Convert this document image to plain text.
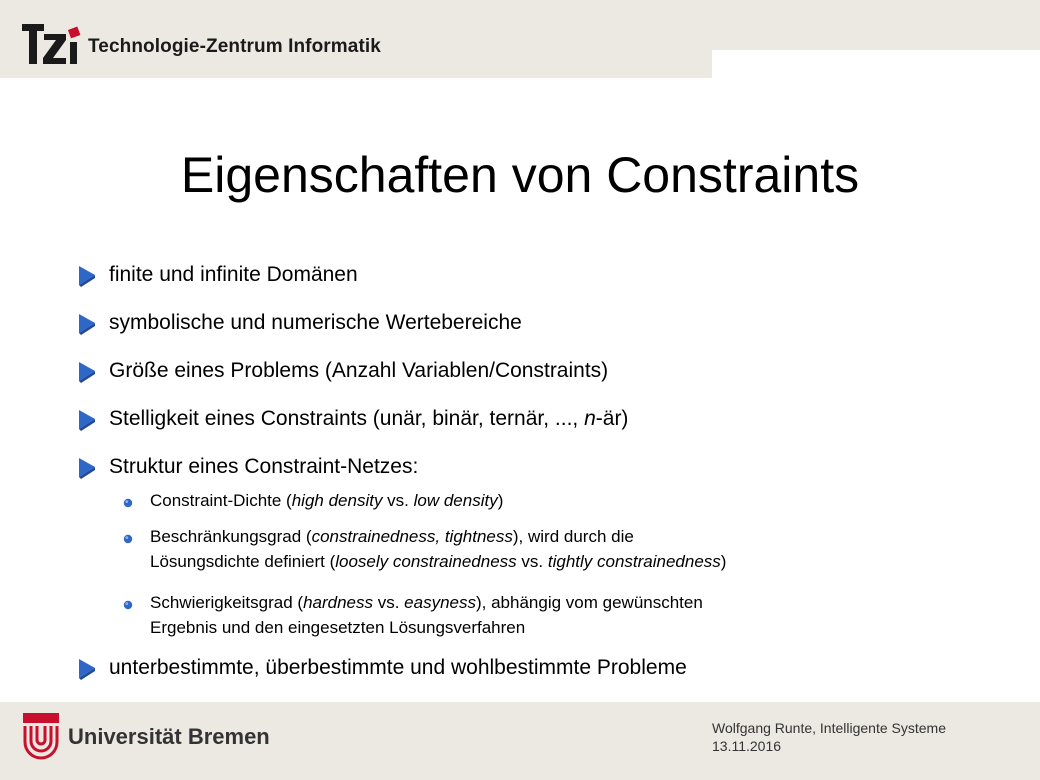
Technologie-Zentrum Informatik
Eigenschaften von Constraints
finite und infinite Domänen
symbolische und numerische Wertebereiche
Größe eines Problems (Anzahl Variablen/Constraints)
Stelligkeit eines Constraints (unär, binär, ternär, ..., n-är)
Struktur eines Constraint-Netzes:
Constraint-Dichte (high density vs. low density)
Beschränkungsgrad (constrainedness, tightness), wird durch die
Lösungsdichte definiert (loosely constrainedness vs. tightly constrainedness)
Schwierigkeitsgrad (hardness vs. easyness), abhängig vom gewünschten
Ergebnis und den eingesetzten Lösungsverfahren
unterbestimmte, überbestimmte und wohlbestimmte Probleme
Universität Bremen	Wolfgang Runte, Intelligente Systeme
13.11.2016
